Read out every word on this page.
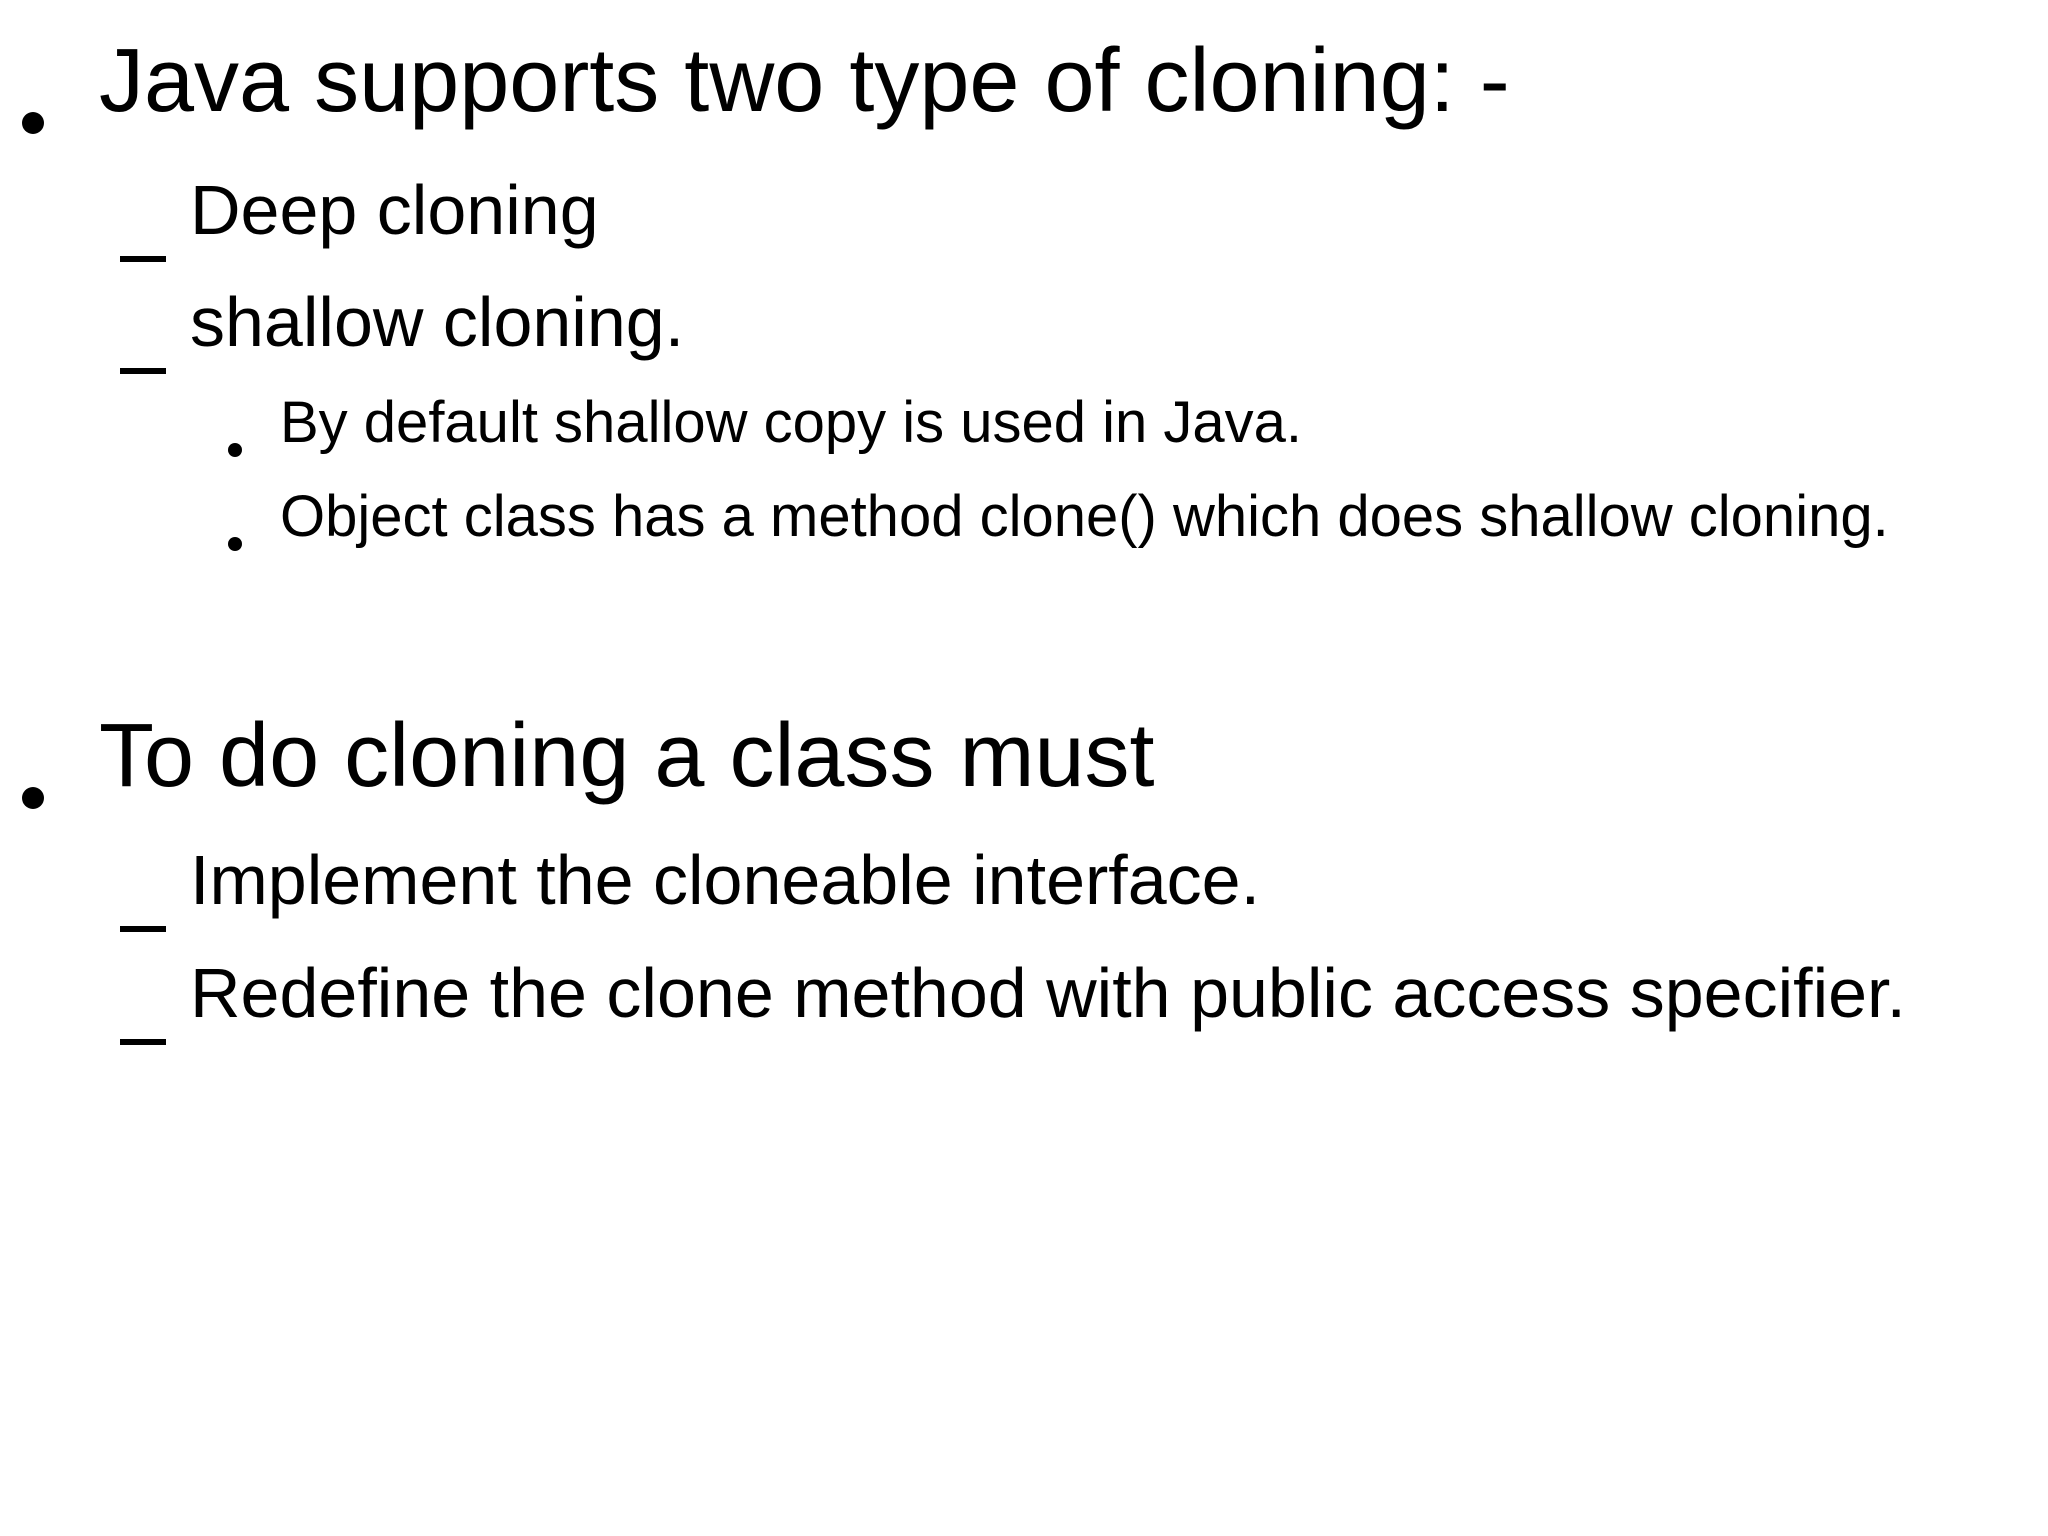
Java supports two type of cloning: -
Deep cloning
shallow cloning.
By default shallow copy is used in Java.
Object class has a method clone() which does shallow cloning.
To do cloning a class must
Implement the cloneable interface.
Redefine the clone method with public access specifier.
